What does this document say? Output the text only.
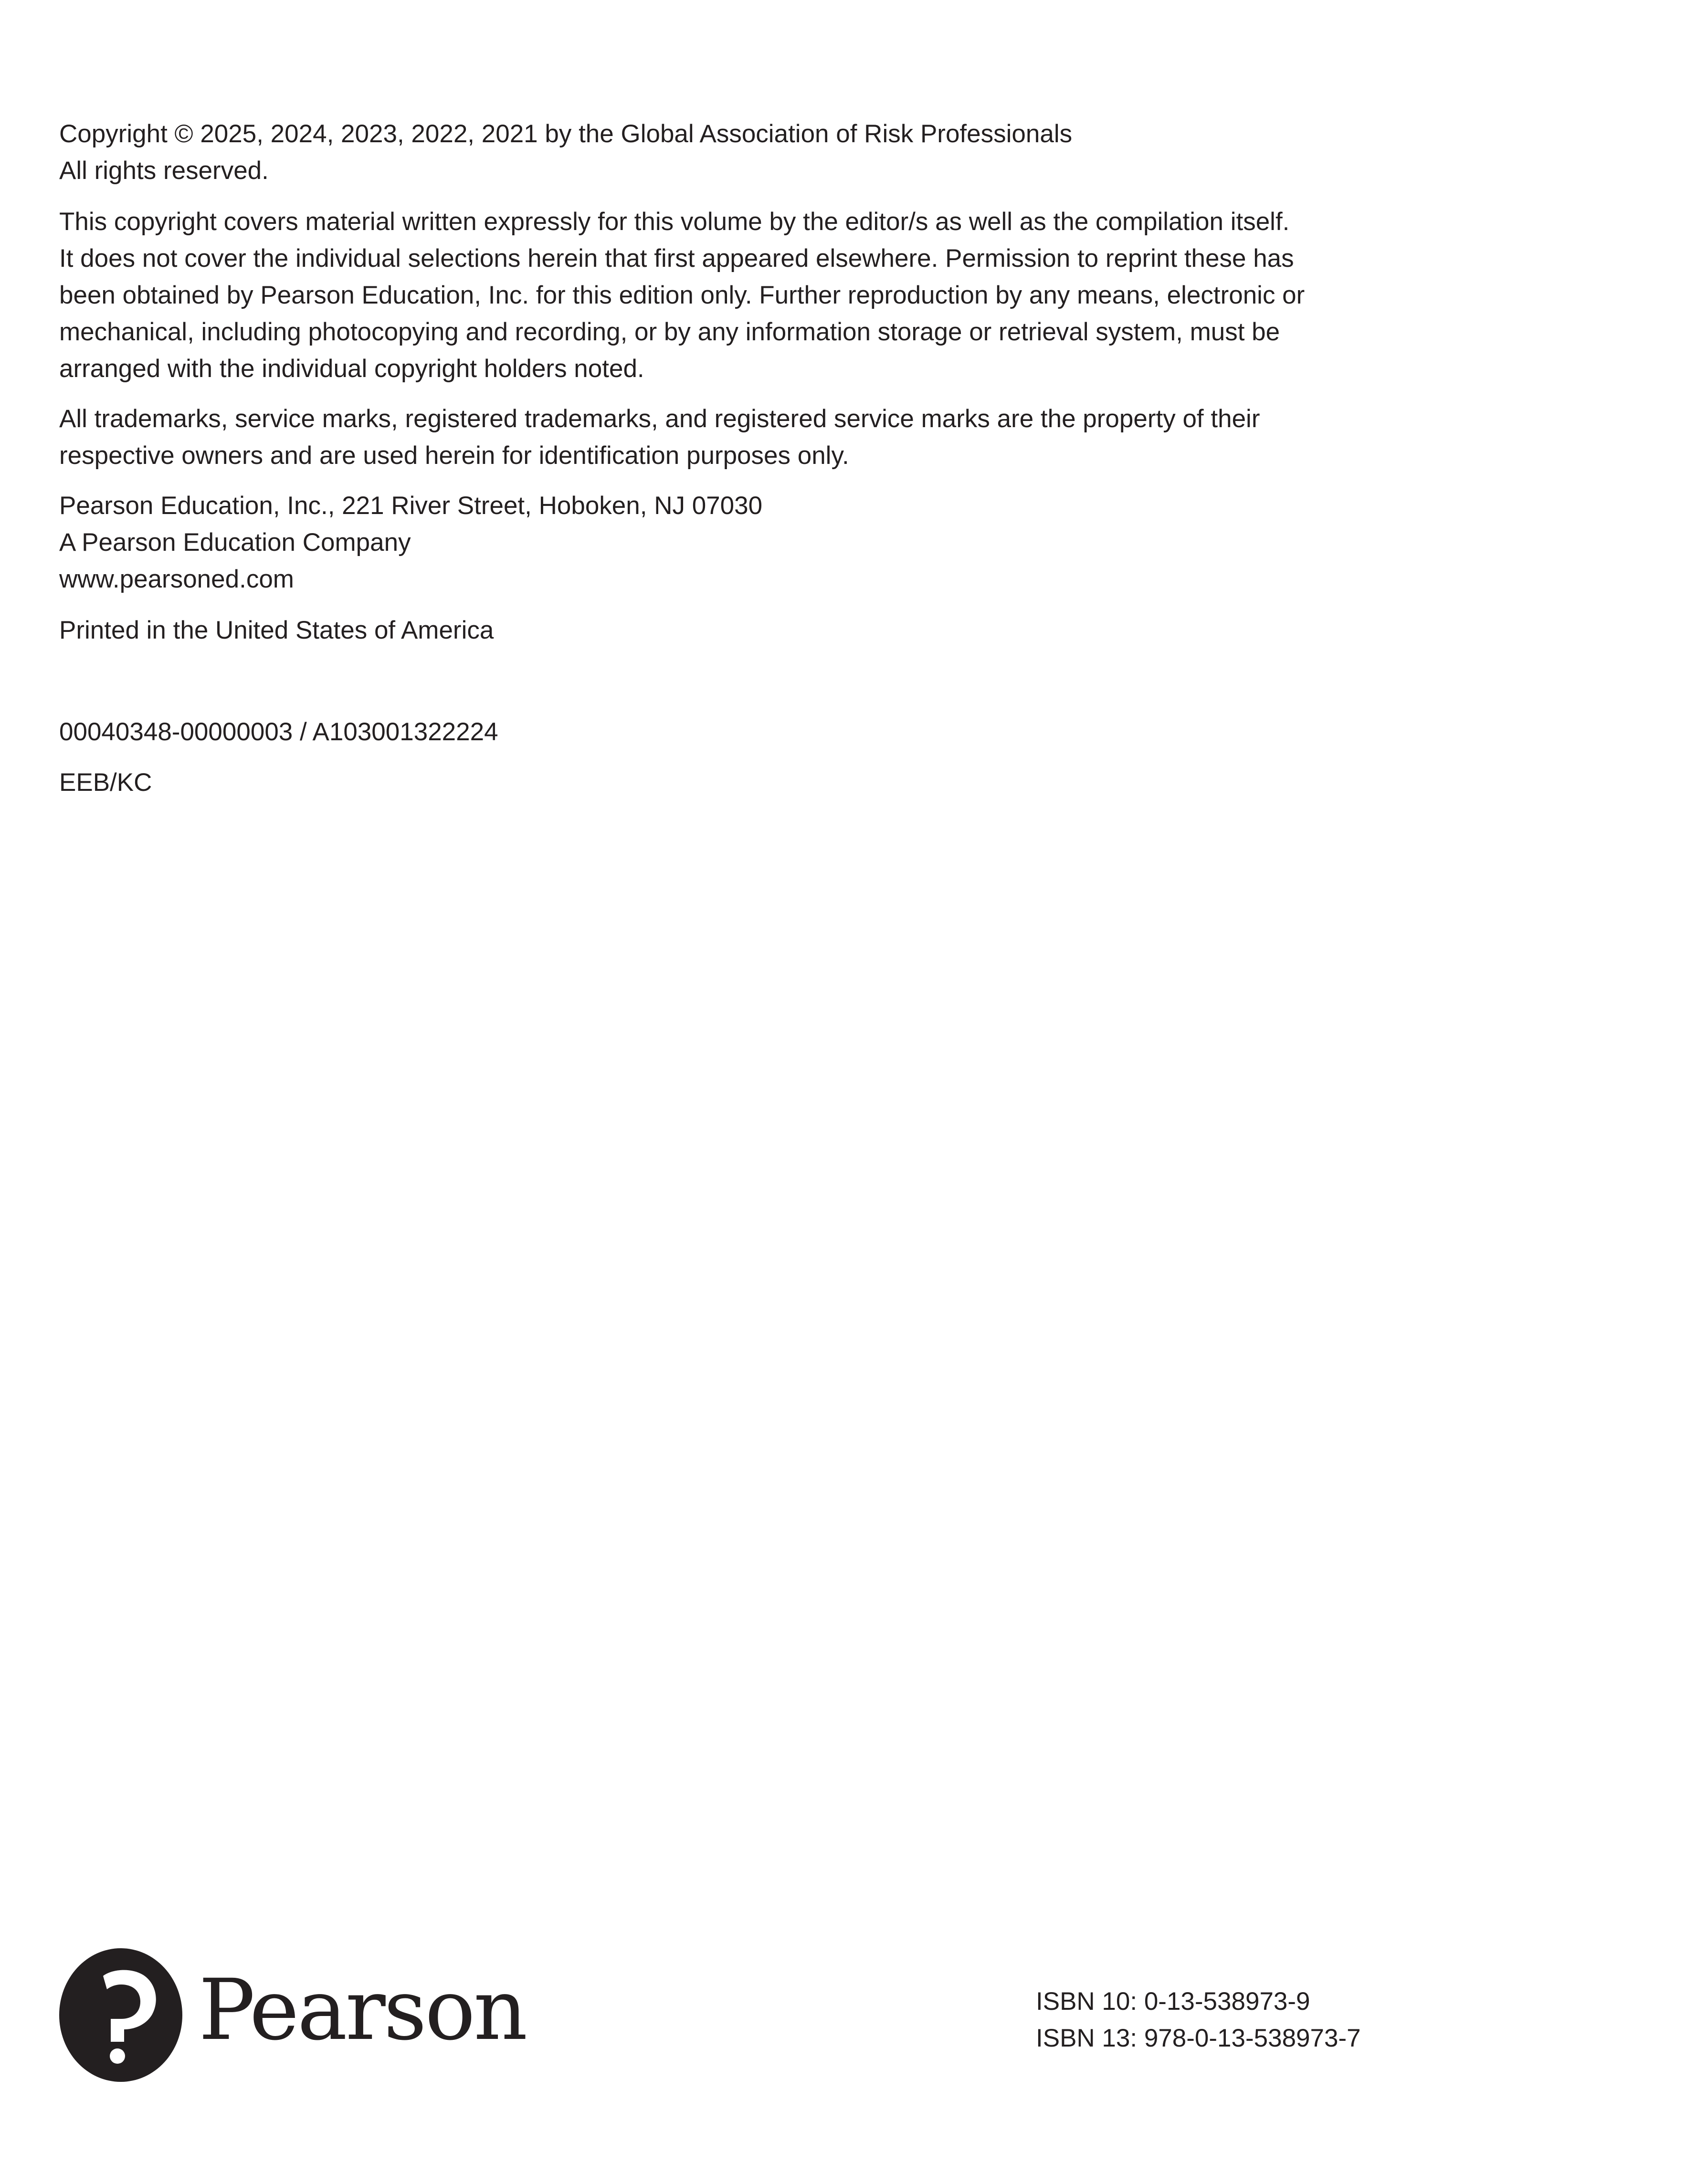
Copyright © 2025, 2024, 2023, 2022, 2021 by the Global Association of Risk Professionals
All rights reserved.

This copyright covers material written expressly for this volume by the editor/s as well as the compilation itself.
It does not cover the individual selections herein that first appeared elsewhere. Permission to reprint these has
been obtained by Pearson Education, Inc. for this edition only. Further reproduction by any means, electronic or
mechanical, including photocopying and recording, or by any information storage or retrieval system, must be
arranged with the individual copyright holders noted.

All trademarks, service marks, registered trademarks, and registered service marks are the property of their
respective owners and are used herein for identification purposes only.

Pearson Education, Inc., 221 River Street, Hoboken, NJ 07030
A Pearson Education Company
www.pearsoned.com

Printed in the United States of America

00040348-00000003 / A103001322224

EEB/KC

Pearson	ISBN 10: 0-13-538973-9
ISBN 13: 978-0-13-538973-7
